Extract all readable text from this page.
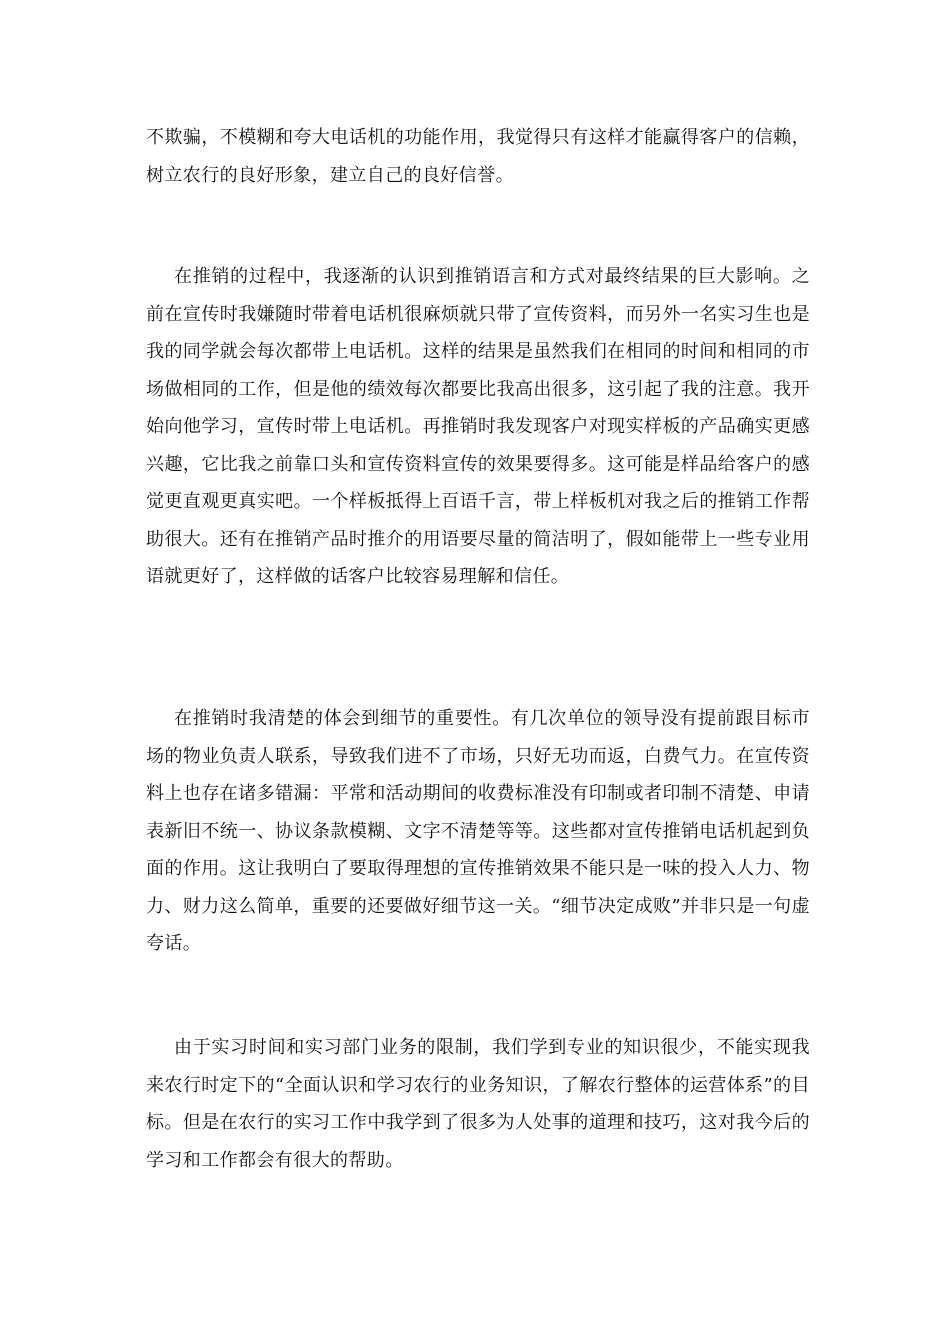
不欺骗，不模糊和夸大电话机的功能作用，我觉得只有这样才能赢得客户的信赖，树立农行的良好形象，建立自己的良好信誉。

在推销的过程中，我逐渐的认识到推销语言和方式对最终结果的巨大影响。之前在宣传时我嫌随时带着电话机很麻烦就只带了宣传资料，而另外一名实习生也是我的同学就会每次都带上电话机。这样的结果是虽然我们在相同的时间和相同的市场做相同的工作，但是他的绩效每次都要比我高出很多，这引起了我的注意。我开始向他学习，宣传时带上电话机。再推销时我发现客户对现实样板的产品确实更感兴趣，它比我之前靠口头和宣传资料宣传的效果要得多。这可能是样品给客户的感觉更直观更真实吧。一个样板抵得上百语千言，带上样板机对我之后的推销工作帮助很大。还有在推销产品时推介的用语要尽量的简洁明了，假如能带上一些专业用语就更好了，这样做的话客户比较容易理解和信任。

在推销时我清楚的体会到细节的重要性。有几次单位的领导没有提前跟目标市场的物业负责人联系，导致我们进不了市场，只好无功而返，白费气力。在宣传资料上也存在诸多错漏：平常和活动期间的收费标准没有印制或者印制不清楚、申请表新旧不统一、协议条款模糊、文字不清楚等等。这些都对宣传推销电话机起到负面的作用。这让我明白了要取得理想的宣传推销效果不能只是一味的投入人力、物力、财力这么简单，重要的还要做好细节这一关。“细节决定成败”并非只是一句虚夸话。

由于实习时间和实习部门业务的限制，我们学到专业的知识很少，不能实现我来农行时定下的“全面认识和学习农行的业务知识，了解农行整体的运营体系”的目标。但是在农行的实习工作中我学到了很多为人处事的道理和技巧，这对我今后的学习和工作都会有很大的帮助。
